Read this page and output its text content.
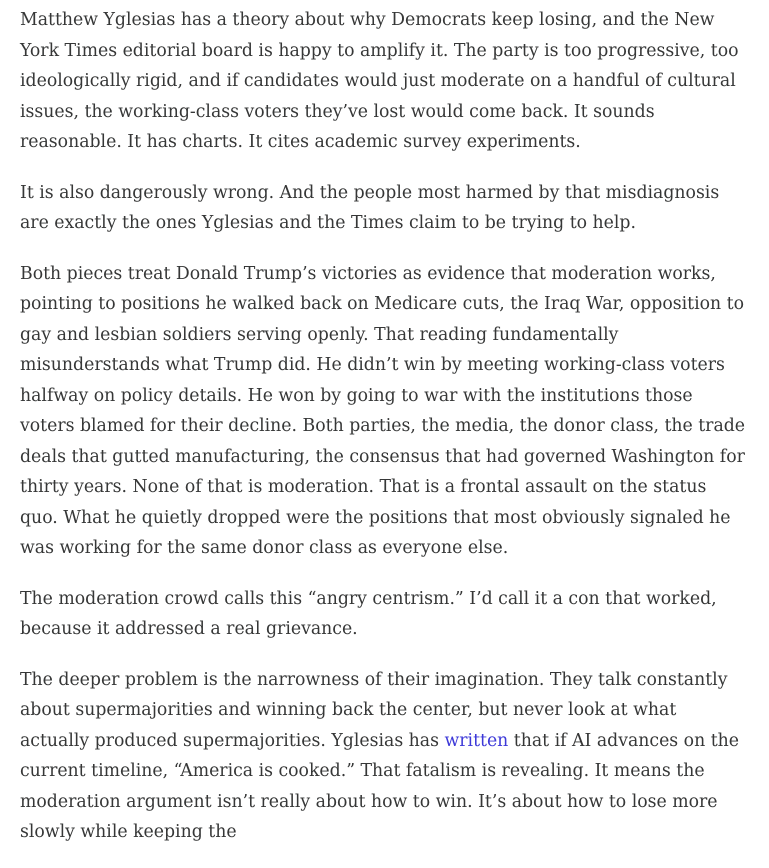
Matthew Yglesias has a theory about why Democrats keep losing, and the New York Times editorial board is happy to amplify it. The party is too progressive, too ideologically rigid, and if candidates would just moderate on a handful of cultural issues, the working-class voters they’ve lost would come back. It sounds reasonable. It has charts. It cites academic survey experiments.

It is also dangerously wrong. And the people most harmed by that misdiagnosis are exactly the ones Yglesias and the Times claim to be trying to help.

Both pieces treat Donald Trump’s victories as evidence that moderation works, pointing to positions he walked back on Medicare cuts, the Iraq War, opposition to gay and lesbian soldiers serving openly. That reading fundamentally misunderstands what Trump did. He didn’t win by meeting working-class voters halfway on policy details. He won by going to war with the institutions those voters blamed for their decline. Both parties, the media, the donor class, the trade deals that gutted manufacturing, the consensus that had governed Washington for thirty years. None of that is moderation. That is a frontal assault on the status quo. What he quietly dropped were the positions that most obviously signaled he was working for the same donor class as everyone else.

The moderation crowd calls this “angry centrism.” I’d call it a con that worked, because it addressed a real grievance.

The deeper problem is the narrowness of their imagination. They talk constantly about supermajorities and winning back the center, but never look at what actually produced supermajorities. Yglesias has written that if AI advances on the current timeline, “America is cooked.” That fatalism is revealing. It means the moderation argument isn’t really about how to win. It’s about how to lose more slowly while keeping the
